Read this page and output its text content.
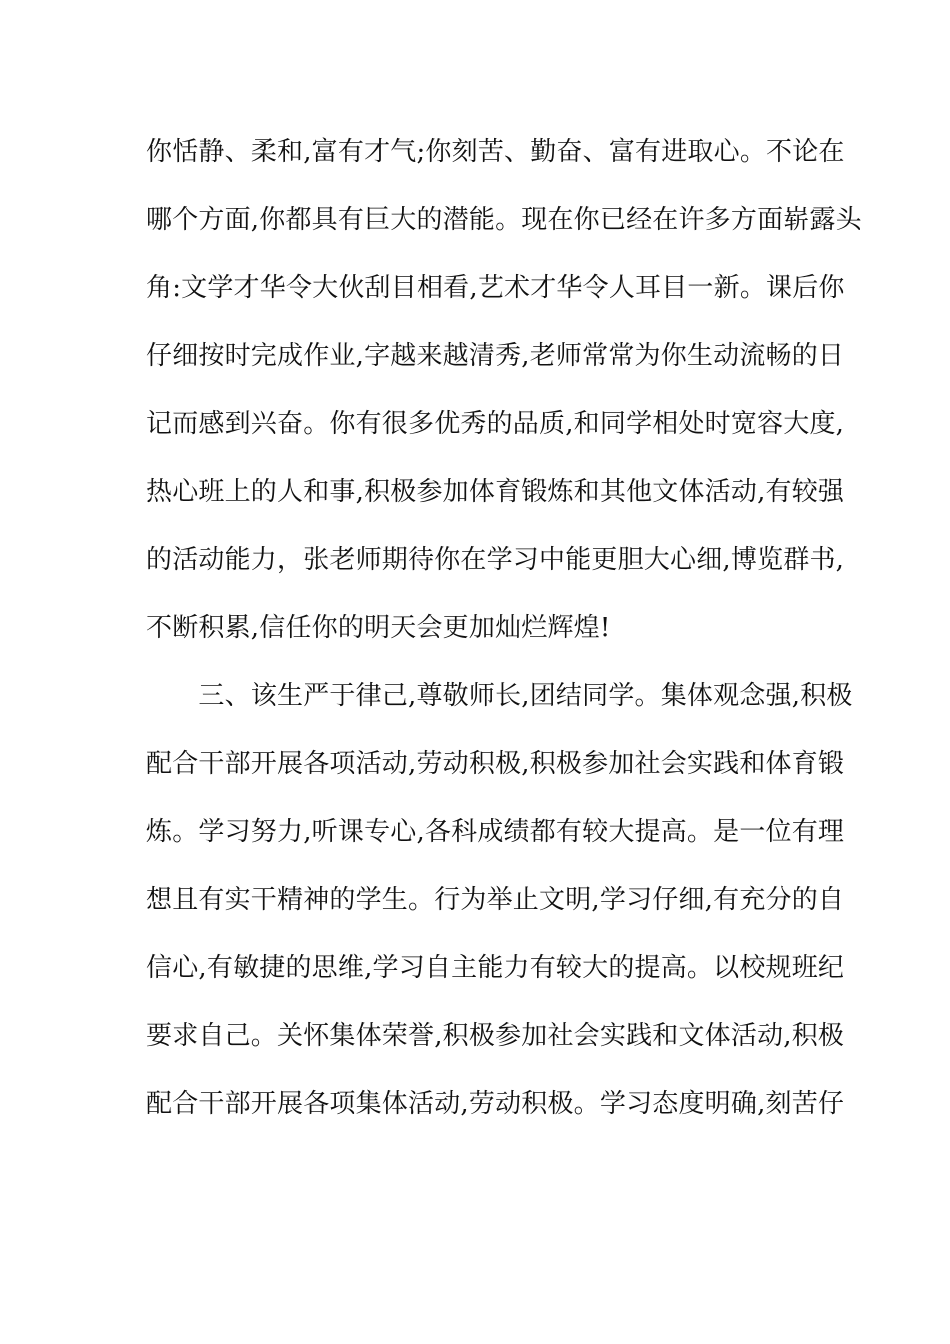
你恬静、柔和,富有才气;你刻苦、勤奋、富有进取心。不论在
哪个方面,你都具有巨大的潜能。现在你已经在许多方面崭露头
角:文学才华令大伙刮目相看,艺术才华令人耳目一新。课后你
仔细按时完成作业,字越来越清秀,老师常常为你生动流畅的日
记而感到兴奋。你有很多优秀的品质,和同学相处时宽容大度,
热心班上的人和事,积极参加体育锻炼和其他文体活动,有较强
的活动能力，张老师期待你在学习中能更胆大心细,博览群书,
不断积累,信任你的明天会更加灿烂辉煌!
　　三、该生严于律己,尊敬师长,团结同学。集体观念强,积极
配合干部开展各项活动,劳动积极,积极参加社会实践和体育锻
炼。学习努力,听课专心,各科成绩都有较大提高。是一位有理
想且有实干精神的学生。行为举止文明,学习仔细,有充分的自
信心,有敏捷的思维,学习自主能力有较大的提高。以校规班纪
要求自己。关怀集体荣誉,积极参加社会实践和文体活动,积极
配合干部开展各项集体活动,劳动积极。学习态度明确,刻苦仔
